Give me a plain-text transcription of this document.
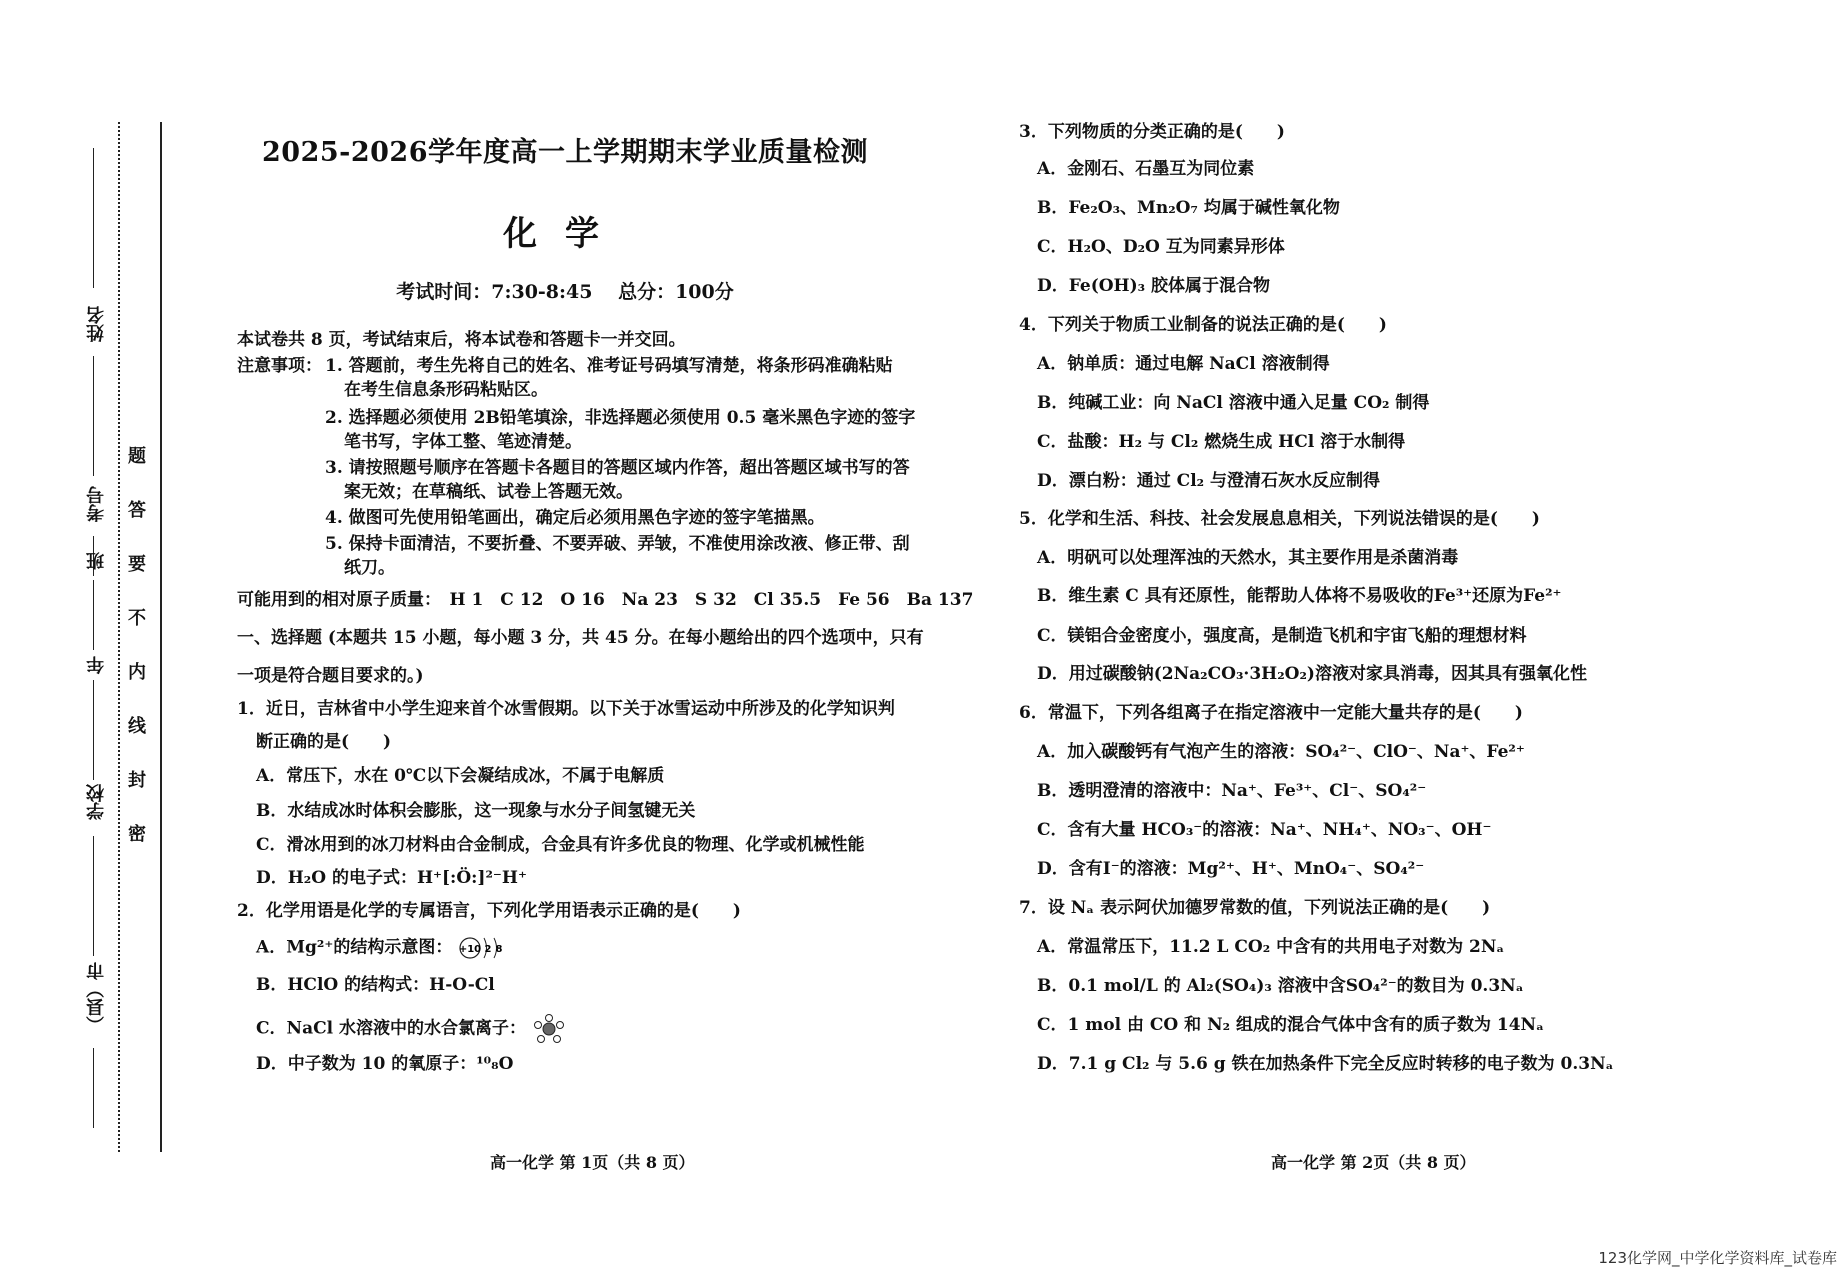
姓名
考号
班
年
学校
（县）市
题
答
要
不
内
线
封
密
2025-2026学年度高一上学期期末学业质量检测
化学
考试时间：7:30-8:45　 总分：100分
本试卷共 8 页，考试结束后，将本试卷和答题卡一并交回。
注意事项： 1. 答题前，考生先将自己的姓名、准考证号码填写清楚，将条形码准确粘贴
在考生信息条形码粘贴区。
2. 选择题必须使用 2B铅笔填涂，非选择题必须使用 0.5 毫米黑色字迹的签字
笔书写，字体工整、笔迹清楚。
3. 请按照题号顺序在答题卡各题目的答题区域内作答，超出答题区域书写的答
案无效；在草稿纸、试卷上答题无效。
4. 做图可先使用铅笔画出，确定后必须用黑色字迹的签字笔描黑。
5. 保持卡面清洁，不要折叠、不要弄破、弄皱，不准使用涂改液、修正带、刮
纸刀。
可能用到的相对原子质量：　H 1　C 12　O 16　Na 23　S 32　Cl 35.5　Fe 56　Ba 137
一、选择题 (本题共 15 小题，每小题 3 分，共 45 分。在每小题给出的四个选项中，只有
一项是符合题目要求的。)
1．近日，吉林省中小学生迎来首个冰雪假期。以下关于冰雪运动中所涉及的化学知识判
断正确的是(　　)
A．常压下，水在 0℃以下会凝结成冰，不属于电解质
B．水结成冰时体积会膨胀，这一现象与水分子间氢键无关
C．滑冰用到的冰刀材料由合金制成，合金具有许多优良的物理、化学或机械性能
D．H₂O 的电子式：H⁺[:Ö:]²⁻H⁺
2．化学用语是化学的专属语言，下列化学用语表示正确的是(　　)
A．Mg²⁺的结构示意图： +10 2 8
B．HClO 的结构式：H-O-Cl
C．NaCl 水溶液中的水合氯离子：
D．中子数为 10 的氧原子：¹⁰₈O
高一化学 第 1页（共 8 页）
3．下列物质的分类正确的是(　　)
A．金刚石、石墨互为同位素
B．Fe₂O₃、Mn₂O₇ 均属于碱性氧化物
C．H₂O、D₂O 互为同素异形体
D．Fe(OH)₃ 胶体属于混合物
4．下列关于物质工业制备的说法正确的是(　　)
A．钠单质：通过电解 NaCl 溶液制得
B．纯碱工业：向 NaCl 溶液中通入足量 CO₂ 制得
C．盐酸：H₂ 与 Cl₂ 燃烧生成 HCl 溶于水制得
D．漂白粉：通过 Cl₂ 与澄清石灰水反应制得
5．化学和生活、科技、社会发展息息相关，下列说法错误的是(　　)
A．明矾可以处理浑浊的天然水，其主要作用是杀菌消毒
B．维生素 C 具有还原性，能帮助人体将不易吸收的Fe³⁺还原为Fe²⁺
C．镁铝合金密度小，强度高，是制造飞机和宇宙飞船的理想材料
D．用过碳酸钠(2Na₂CO₃·3H₂O₂)溶液对家具消毒，因其具有强氧化性
6．常温下，下列各组离子在指定溶液中一定能大量共存的是(　　)
A．加入碳酸钙有气泡产生的溶液：SO₄²⁻、ClO⁻、Na⁺、Fe²⁺
B．透明澄清的溶液中：Na⁺、Fe³⁺、Cl⁻、SO₄²⁻
C．含有大量 HCO₃⁻的溶液：Na⁺、NH₄⁺、NO₃⁻、OH⁻
D．含有I⁻的溶液：Mg²⁺、H⁺、MnO₄⁻、SO₄²⁻
7．设 Nₐ 表示阿伏加德罗常数的值，下列说法正确的是(　　)
A．常温常压下，11.2 L CO₂ 中含有的共用电子对数为 2Nₐ
B．0.1 mol/L 的 Al₂(SO₄)₃ 溶液中含SO₄²⁻的数目为 0.3Nₐ
C．1 mol 由 CO 和 N₂ 组成的混合气体中含有的质子数为 14Nₐ
D．7.1 g Cl₂ 与 5.6 g 铁在加热条件下完全反应时转移的电子数为 0.3Nₐ
高一化学 第 2页（共 8 页）
123化学网_中学化学资料库_试卷库
